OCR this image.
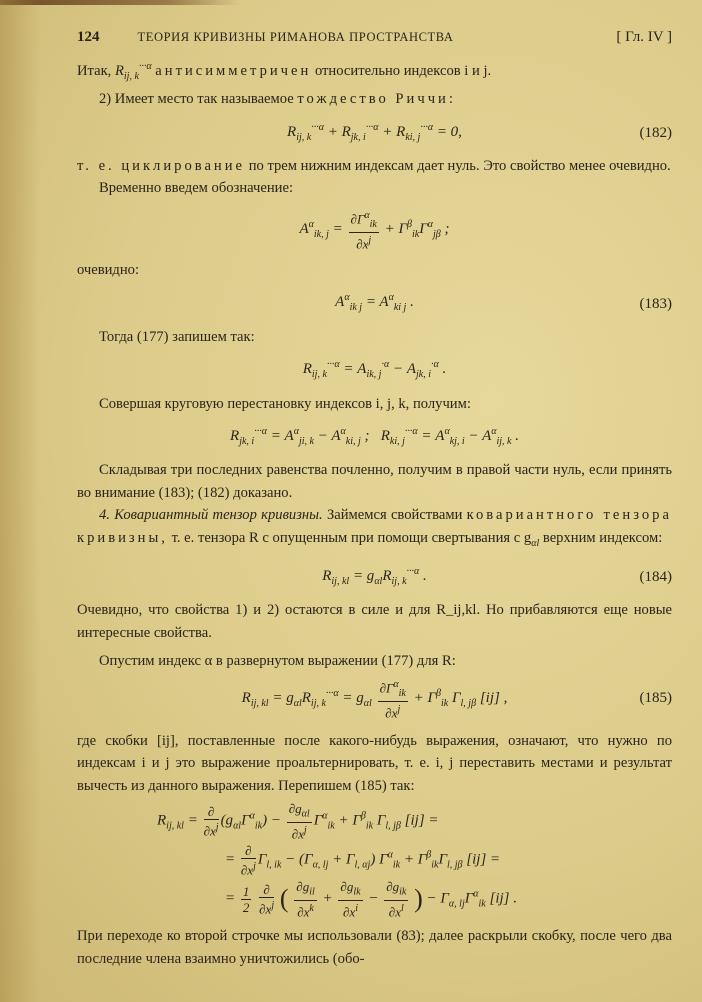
124	ТЕОРИЯ КРИВИЗНЫ РИМАНОВА ПРОСТРАНСТВА	[ Гл. IV ]

Итак, $R_{ij, k}^{\cdot\cdot\cdot\alpha}$ антисимметричен относительно индексов i и j.

2) Имеет место так называемое тождество Риччи:

$R_{ij, k}^{\cdot\cdot\cdot\alpha} + R_{jk, i}^{\cdot\cdot\cdot\alpha} + R_{ki, j}^{\cdot\cdot\cdot\alpha} = 0$,	(182)

т. е. циклирование по трем нижним индексам дает нуль. Это свойство менее очевидно.

Временно введем обозначение:

$A^\alpha_{ik, j} = \frac{\partial\Gamma^\alpha_{ik}}{\partial x^j} + \Gamma^\beta_{ik}\Gamma^\alpha_{j\beta}$ ;

очевидно:

$A^\alpha_{ik j} = A^\alpha_{ki j}$ .	(183)

Тогда (177) запишем так:

$R_{ij, k}^{\cdot\cdot\cdot\alpha} = A_{ik, j}^{\cdot\alpha} - A_{jk, i}^{\cdot\alpha}$ .

Совершая круговую перестановку индексов i, j, k, получим:

$R_{jk, i}^{\cdot\cdot\cdot\alpha} = A^\alpha_{ji, k} - A^\alpha_{ki, j}$ ;   $R_{ki, j}^{\cdot\cdot\cdot\alpha} = A^\alpha_{kj, i} - A^\alpha_{ij, k}$ .

Складывая три последних равенства почленно, получим в правой части нуль, если принять во внимание (183); (182) доказано.

4. Ковариантный тензор кривизны. Займемся свойствами ковариантного тензора кривизны, т. е. тензора R с опущенным при помощи свертывания с $g_{\alpha l}$ верхним индексом:

$R_{ij, kl} = g_{\alpha l}R_{ij, k}^{\cdot\cdot\cdot\alpha}$ .	(184)

Очевидно, что свойства 1) и 2) остаются в силе и для R_ij,kl. Но прибавляются еще новые интересные свойства.

Опустим индекс α в развернутом выражении (177) для R:

$R_{ij, kl} = g_{\alpha l}R_{ij, k}^{\cdot\cdot\cdot\alpha} = g_{\alpha l} \frac{\partial\Gamma^\alpha_{ik}}{\partial x^j} + \Gamma^\beta_{ik}$ $\Gamma_{l, j\beta}$ [ij] ,	(185)

где скобки [ij], поставленные после какого-нибудь выражения, означают, что нужно по индексам i и j это выражение проальтернировать, т. е. i, j переставить местами и результат вычесть из данного выражения. Перепишем (185) так:

$R_{ij, kl} = \frac{\partial}{\partial x^j} (g_{\alpha l}\Gamma^\alpha_{ik}) - \frac{\partial g_{\alpha l}}{\partial x^j} \Gamma^\alpha_{ik} + \Gamma^\beta_{ik}$ $\Gamma_{l, j\beta}$ [ij] =
= $\frac{\partial}{\partial x^j} \Gamma_{l, ik} - (\Gamma_{\alpha, lj} + \Gamma_{l, \alpha j}) \Gamma^\alpha_{ik} + \Gamma^\beta_{ik}\Gamma_{l, j\beta}$ [ij] =
= $\frac{1}{2}$
$\frac{\partial}{\partial x^j}$ ( $\frac{\partial g_{il}}{\partial x^k} + \frac{\partial g_{lk}}{\partial x^i} - \frac{\partial g_{ik}}{\partial x^l}$ ) − $\Gamma_{\alpha, lj}\Gamma^\alpha_{ik}$ [ij] .

При переходе ко второй строчке мы использовали (83); далее раскрыли скобку, после чего два последние члена взаимно уничтожились (обо-
